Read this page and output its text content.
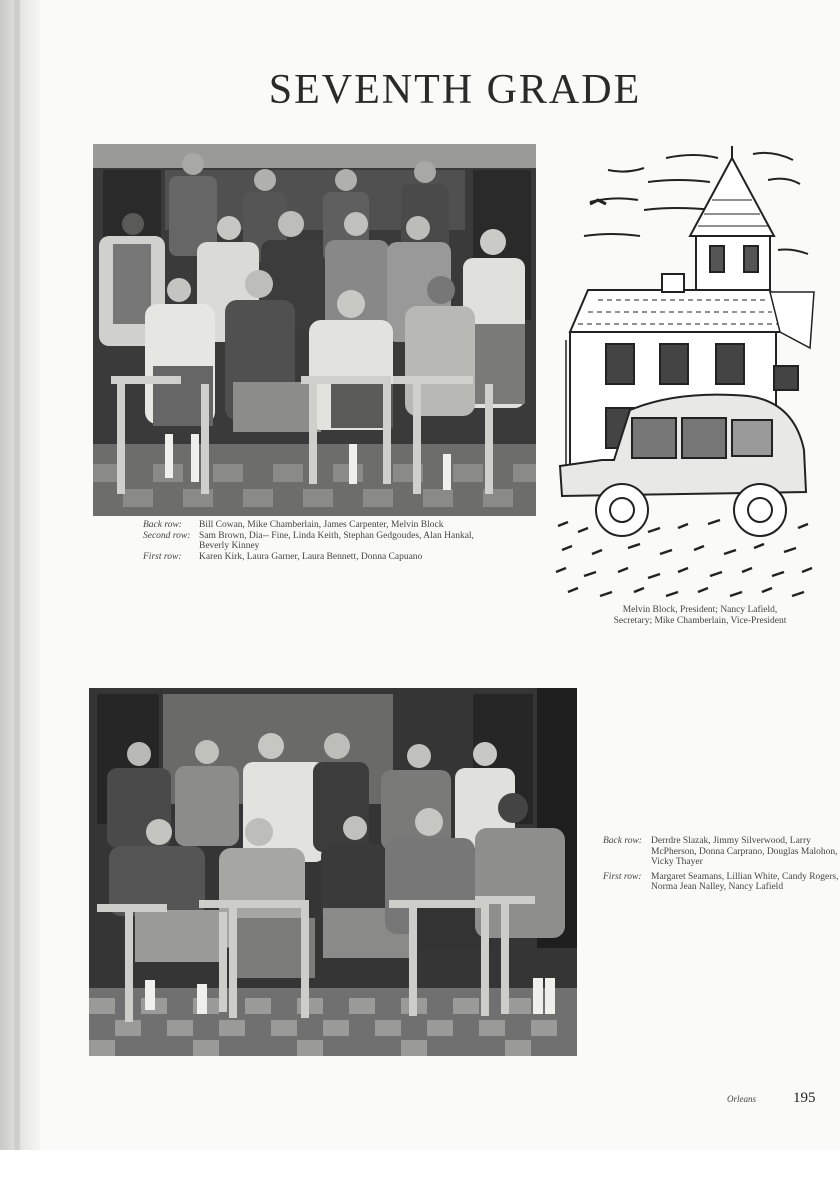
SEVENTH GRADE
Back row:	Bill Cowan, Mike Chamberlain, James Carpenter, Melvin Block
Second row: Sam Brown, Dia-- Fine, Linda Keith, Stephan Gedgoudes, Alan Hankal, Beverly Kinney
First row:	Karen Kirk, Laura Garner, Laura Bennett, Donna Capuano
Melvin Block, President; Nancy Lafield,
Secretary; Mike Chamberlain, Vice-President
Back row: Derrdre Slazak, Jimmy Silverwood, Larry McPherson, Donna Carprano, Douglas Malohon, Vicky Thayer
First row:	Margaret Seamans, Lillian White, Candy Rogers, Norma Jean Nalley, Nancy Lafield
Orleans 195
